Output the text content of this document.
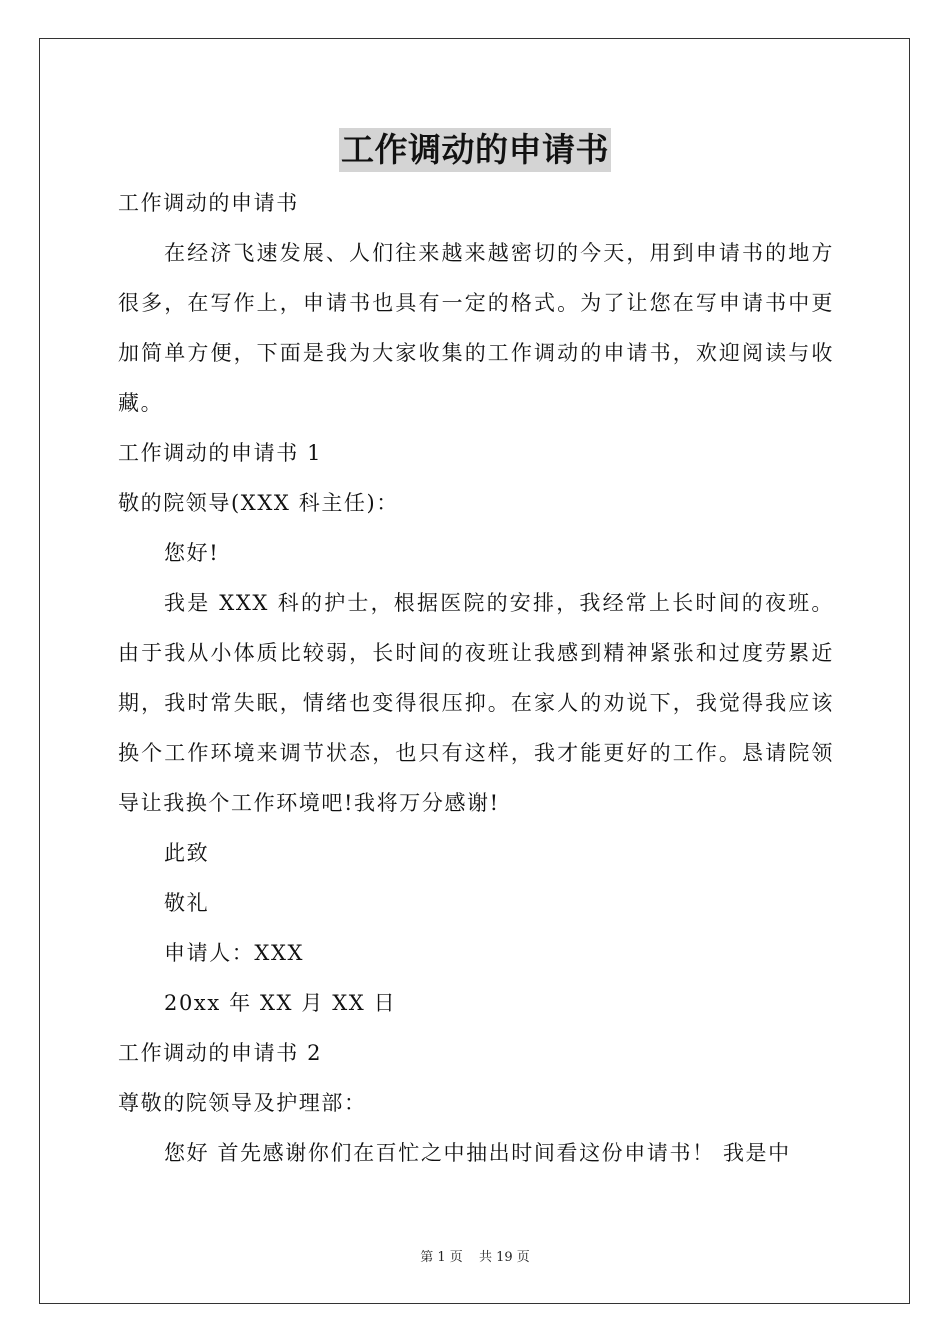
工作调动的申请书

工作调动的申请书

在经济飞速发展、人们往来越来越密切的今天，用到申请书的地方很多，在写作上，申请书也具有一定的格式。为了让您在写申请书中更加简单方便，下面是我为大家收集的工作调动的申请书，欢迎阅读与收藏。

工作调动的申请书 1

敬的院领导(XXX 科主任)：

您好!

我是 XXX 科的护士，根据医院的安排，我经常上长时间的夜班。由于我从小体质比较弱，长时间的夜班让我感到精神紧张和过度劳累近期，我时常失眠，情绪也变得很压抑。在家人的劝说下，我觉得我应该换个工作环境来调节状态，也只有这样，我才能更好的工作。恳请院领导让我换个工作环境吧!我将万分感谢!

此致

敬礼

申请人：XXX

20xx 年 XX 月 XX 日

工作调动的申请书 2

尊敬的院领导及护理部：

您好 首先感谢你们在百忙之中抽出时间看这份申请书！ 我是中

第 1 页 共 19 页
